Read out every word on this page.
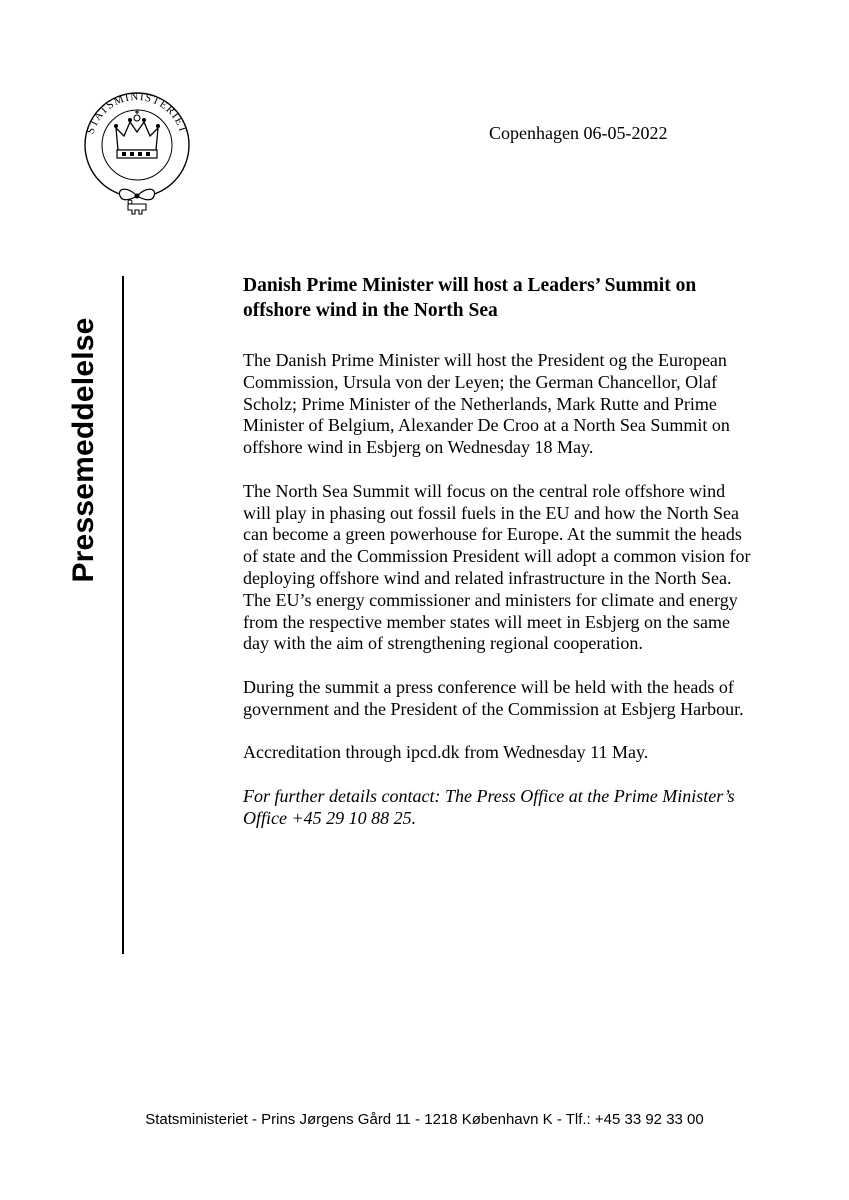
STATSMINISTERIET	Copenhagen 06-05-2022
Pressemeddelelse
Danish Prime Minister will host a Leaders’ Summit on
offshore wind in the North Sea
The Danish Prime Minister will host the President og the European
Commission, Ursula von der Leyen; the German Chancellor, Olaf
Scholz; Prime Minister of the Netherlands, Mark Rutte and Prime
Minister of Belgium, Alexander De Croo at a North Sea Summit on
offshore wind in Esbjerg on Wednesday 18 May.
The North Sea Summit will focus on the central role offshore wind
will play in phasing out fossil fuels in the EU and how the North Sea
can become a green powerhouse for Europe. At the summit the heads
of state and the Commission President will adopt a common vision for
deploying offshore wind and related infrastructure in the North Sea.
The EU’s energy commissioner and ministers for climate and energy
from the respective member states will meet in Esbjerg on the same
day with the aim of strengthening regional cooperation.
During the summit a press conference will be held with the heads of
government and the President of the Commission at Esbjerg Harbour.
Accreditation through ipcd.dk from Wednesday 11 May.
For further details contact: The Press Office at the Prime Minister’s
Office +45 29 10 88 25.
Statsministeriet - Prins Jørgens Gård 11 - 1218 København K - Tlf.: +45 33 92 33 00
